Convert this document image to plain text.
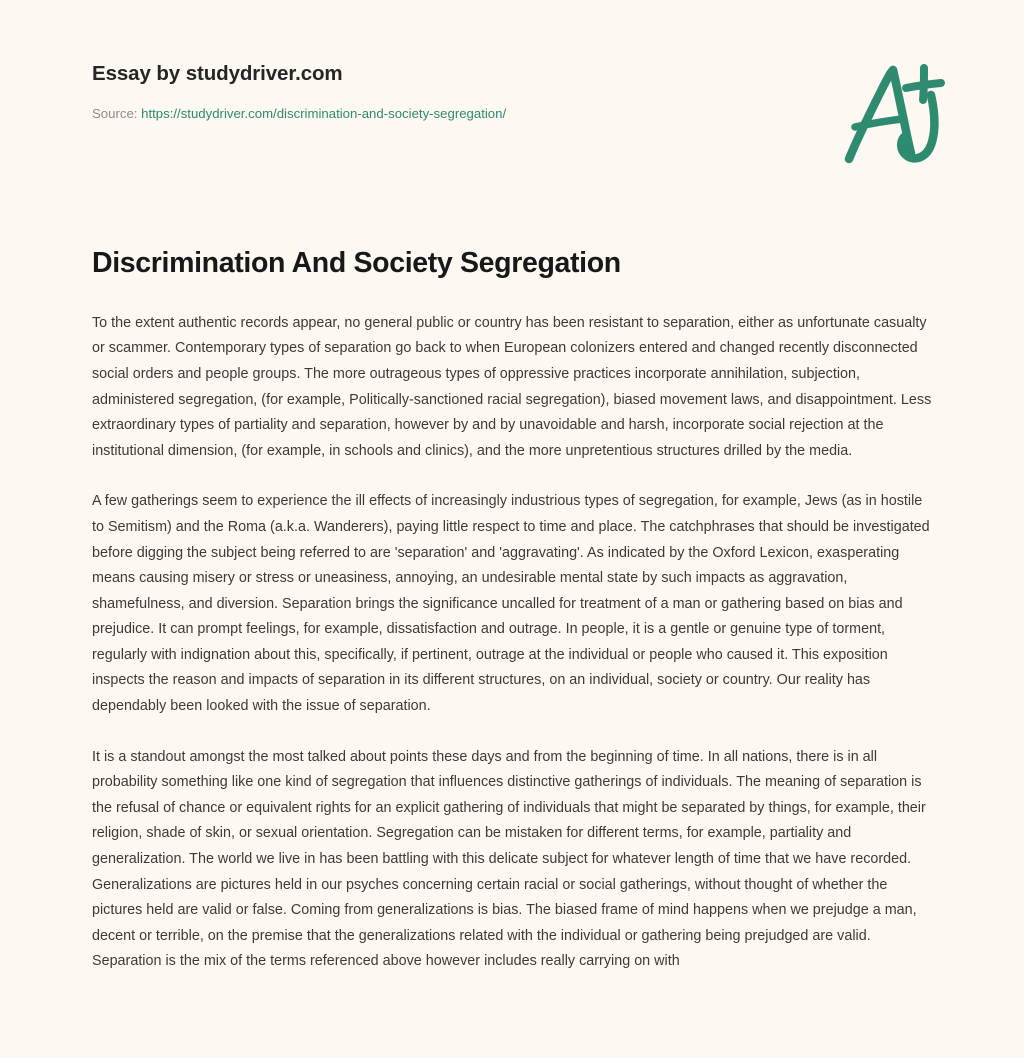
Essay by studydriver.com
Source: https://studydriver.com/discrimination-and-society-segregation/
Discrimination And Society Segregation

To the extent authentic records appear, no general public or country has been resistant to separation, either as unfortunate casualty or scammer. Contemporary types of separation go back to when European colonizers entered and changed recently disconnected social orders and people groups. The more outrageous types of oppressive practices incorporate annihilation, subjection, administered segregation, (for example, Politically-sanctioned racial segregation), biased movement laws, and disappointment. Less extraordinary types of partiality and separation, however by and by unavoidable and harsh, incorporate social rejection at the institutional dimension, (for example, in schools and clinics), and the more unpretentious structures drilled by the media.

A few gatherings seem to experience the ill effects of increasingly industrious types of segregation, for example, Jews (as in hostile to Semitism) and the Roma (a.k.a. Wanderers), paying little respect to time and place. The catchphrases that should be investigated before digging the subject being referred to are 'separation' and 'aggravating'. As indicated by the Oxford Lexicon, exasperating means causing misery or stress or uneasiness, annoying, an undesirable mental state by such impacts as aggravation, shamefulness, and diversion. Separation brings the significance uncalled for treatment of a man or gathering based on bias and prejudice. It can prompt feelings, for example, dissatisfaction and outrage. In people, it is a gentle or genuine type of torment, regularly with indignation about this, specifically, if pertinent, outrage at the individual or people who caused it. This exposition inspects the reason and impacts of separation in its different structures, on an individual, society or country. Our reality has dependably been looked with the issue of separation.

It is a standout amongst the most talked about points these days and from the beginning of time. In all nations, there is in all probability something like one kind of segregation that influences distinctive gatherings of individuals. The meaning of separation is the refusal of chance or equivalent rights for an explicit gathering of individuals that might be separated by things, for example, their religion, shade of skin, or sexual orientation. Segregation can be mistaken for different terms, for example, partiality and generalization. The world we live in has been battling with this delicate subject for whatever length of time that we have recorded. Generalizations are pictures held in our psyches concerning certain racial or social gatherings, without thought of whether the pictures held are valid or false. Coming from generalizations is bias. The biased frame of mind happens when we prejudge a man, decent or terrible, on the premise that the generalizations related with the individual or gathering being prejudged are valid. Separation is the mix of the terms referenced above however includes really carrying on with
